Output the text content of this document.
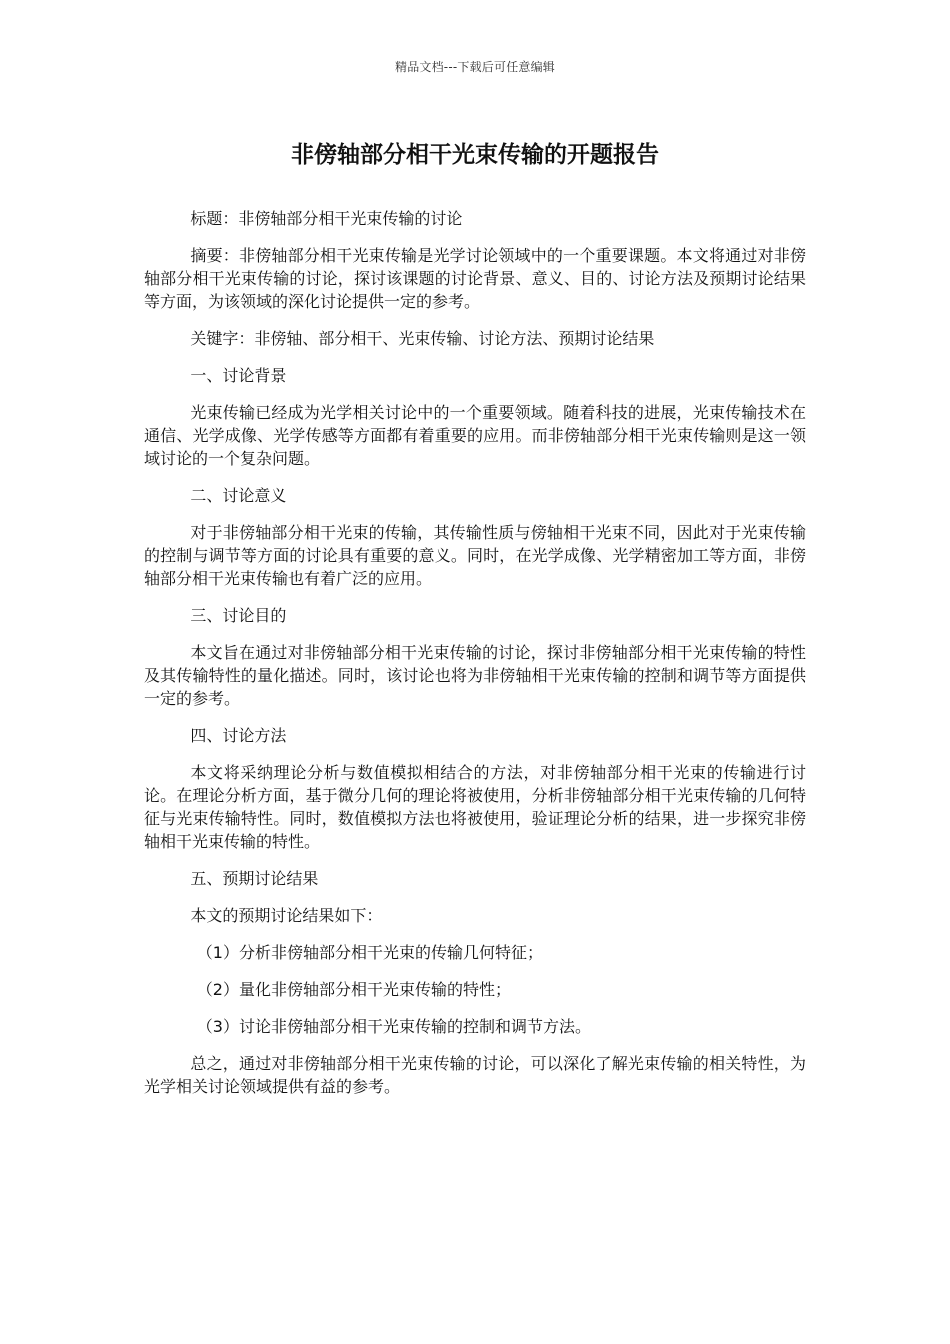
精品文档---下载后可任意编辑
非傍轴部分相干光束传输的开题报告

标题：非傍轴部分相干光束传输的讨论

摘要：非傍轴部分相干光束传输是光学讨论领域中的一个重要课题。本文将通过对非傍轴部分相干光束传输的讨论，探讨该课题的讨论背景、意义、目的、讨论方法及预期讨论结果等方面，为该领域的深化讨论提供一定的参考。

关键字：非傍轴、部分相干、光束传输、讨论方法、预期讨论结果

一、讨论背景

光束传输已经成为光学相关讨论中的一个重要领域。随着科技的进展，光束传输技术在通信、光学成像、光学传感等方面都有着重要的应用。而非傍轴部分相干光束传输则是这一领域讨论的一个复杂问题。

二、讨论意义

对于非傍轴部分相干光束的传输，其传输性质与傍轴相干光束不同，因此对于光束传输的控制与调节等方面的讨论具有重要的意义。同时，在光学成像、光学精密加工等方面，非傍轴部分相干光束传输也有着广泛的应用。

三、讨论目的

本文旨在通过对非傍轴部分相干光束传输的讨论，探讨非傍轴部分相干光束传输的特性及其传输特性的量化描述。同时，该讨论也将为非傍轴相干光束传输的控制和调节等方面提供一定的参考。

四、讨论方法

本文将采纳理论分析与数值模拟相结合的方法，对非傍轴部分相干光束的传输进行讨论。在理论分析方面，基于微分几何的理论将被使用，分析非傍轴部分相干光束传输的几何特征与光束传输特性。同时，数值模拟方法也将被使用，验证理论分析的结果，进一步探究非傍轴相干光束传输的特性。

五、预期讨论结果

本文的预期讨论结果如下：

（1）分析非傍轴部分相干光束的传输几何特征；

（2）量化非傍轴部分相干光束传输的特性；

（3）讨论非傍轴部分相干光束传输的控制和调节方法。

总之，通过对非傍轴部分相干光束传输的讨论，可以深化了解光束传输的相关特性，为光学相关讨论领域提供有益的参考。
